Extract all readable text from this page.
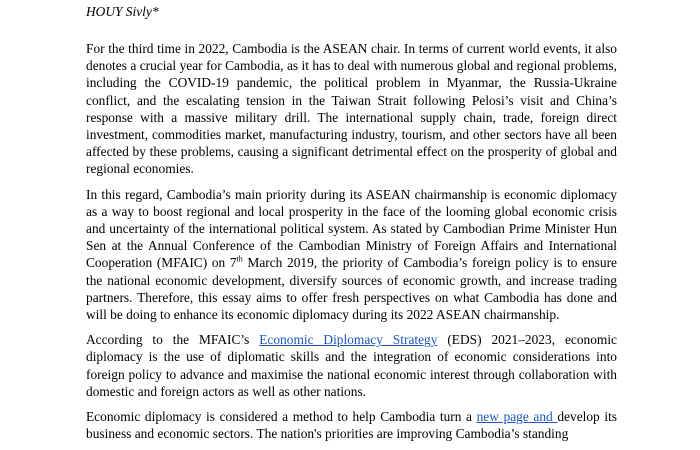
HOUY Sivly*

For the third time in 2022, Cambodia is the ASEAN chair. In terms of current world events, it also denotes a crucial year for Cambodia, as it has to deal with numerous global and regional problems, including the COVID-19 pandemic, the political problem in Myanmar, the Russia-Ukraine conflict, and the escalating tension in the Taiwan Strait following Pelosi’s visit and China’s response with a massive military drill. The international supply chain, trade, foreign direct investment, commodities market, manufacturing industry, tourism, and other sectors have all been affected by these problems, causing a significant detrimental effect on the prosperity of global and regional economies.

In this regard, Cambodia’s main priority during its ASEAN chairmanship is economic diplomacy as a way to boost regional and local prosperity in the face of the looming global economic crisis and uncertainty of the international political system. As stated by Cambodian Prime Minister Hun Sen at the Annual Conference of the Cambodian Ministry of Foreign Affairs and International Cooperation (MFAIC) on 7th March 2019, the priority of Cambodia’s foreign policy is to ensure the national economic development, diversify sources of economic growth, and increase trading partners. Therefore, this essay aims to offer fresh perspectives on what Cambodia has done and will be doing to enhance its economic diplomacy during its 2022 ASEAN chairmanship.

According to the MFAIC’s Economic Diplomacy Strategy (EDS) 2021–2023, economic diplomacy is the use of diplomatic skills and the integration of economic considerations into foreign policy to advance and maximise the national economic interest through collaboration with domestic and foreign actors as well as other nations.

Economic diplomacy is considered a method to help Cambodia turn a new page and develop its business and economic sectors. The nation's priorities are improving Cambodia’s standing
